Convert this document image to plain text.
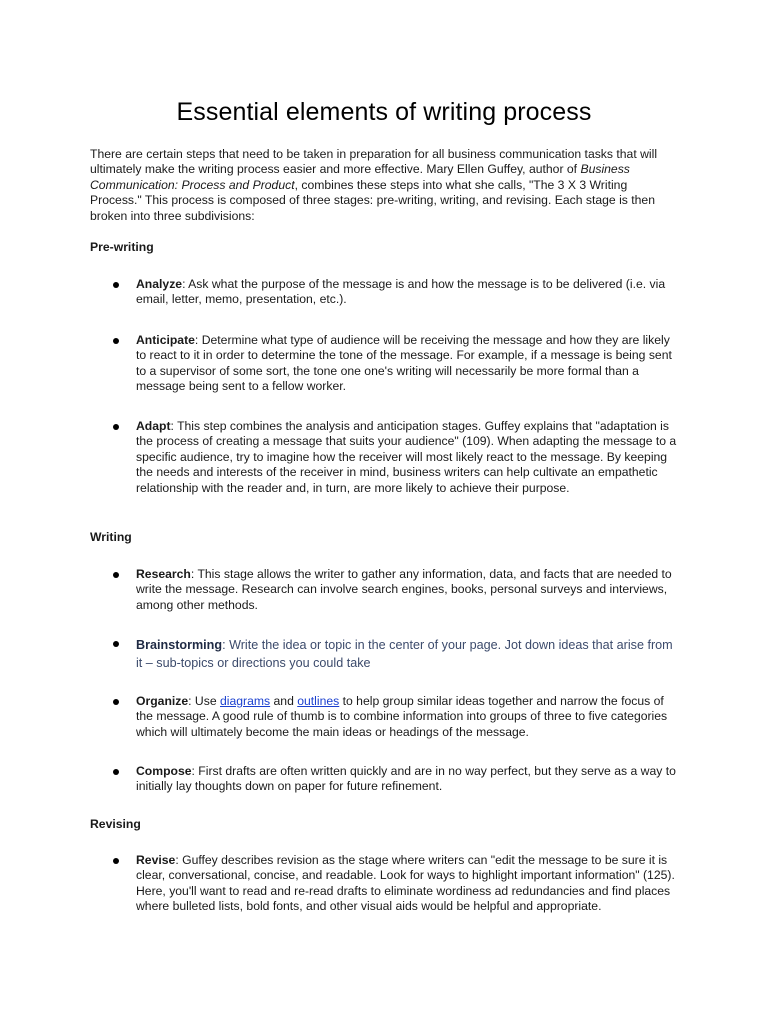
Essential elements of writing process

There are certain steps that need to be taken in preparation for all business communication tasks that will ultimately make the writing process easier and more effective. Mary Ellen Guffey, author of Business Communication: Process and Product, combines these steps into what she calls, "The 3 X 3 Writing Process." This process is composed of three stages: pre-writing, writing, and revising. Each stage is then broken into three subdivisions:

Pre-writing

Analyze: Ask what the purpose of the message is and how the message is to be delivered (i.e. via email, letter, memo, presentation, etc.).
Anticipate: Determine what type of audience will be receiving the message and how they are likely to react to it in order to determine the tone of the message. For example, if a message is being sent to a supervisor of some sort, the tone one one's writing will necessarily be more formal than a message being sent to a fellow worker.
Adapt: This step combines the analysis and anticipation stages. Guffey explains that "adaptation is the process of creating a message that suits your audience" (109). When adapting the message to a specific audience, try to imagine how the receiver will most likely react to the message. By keeping the needs and interests of the receiver in mind, business writers can help cultivate an empathetic relationship with the reader and, in turn, are more likely to achieve their purpose.

Writing

Research: This stage allows the writer to gather any information, data, and facts that are needed to write the message. Research can involve search engines, books, personal surveys and interviews, among other methods.
Brainstorming: Write the idea or topic in the center of your page. Jot down ideas that arise from it – sub-topics or directions you could take
Organize: Use diagrams and outlines to help group similar ideas together and narrow the focus of the message. A good rule of thumb is to combine information into groups of three to five categories which will ultimately become the main ideas or headings of the message.
Compose: First drafts are often written quickly and are in no way perfect, but they serve as a way to initially lay thoughts down on paper for future refinement.

Revising

Revise: Guffey describes revision as the stage where writers can "edit the message to be sure it is clear, conversational, concise, and readable. Look for ways to highlight important information" (125). Here, you'll want to read and re-read drafts to eliminate wordiness ad redundancies and find places where bulleted lists, bold fonts, and other visual aids would be helpful and appropriate.
